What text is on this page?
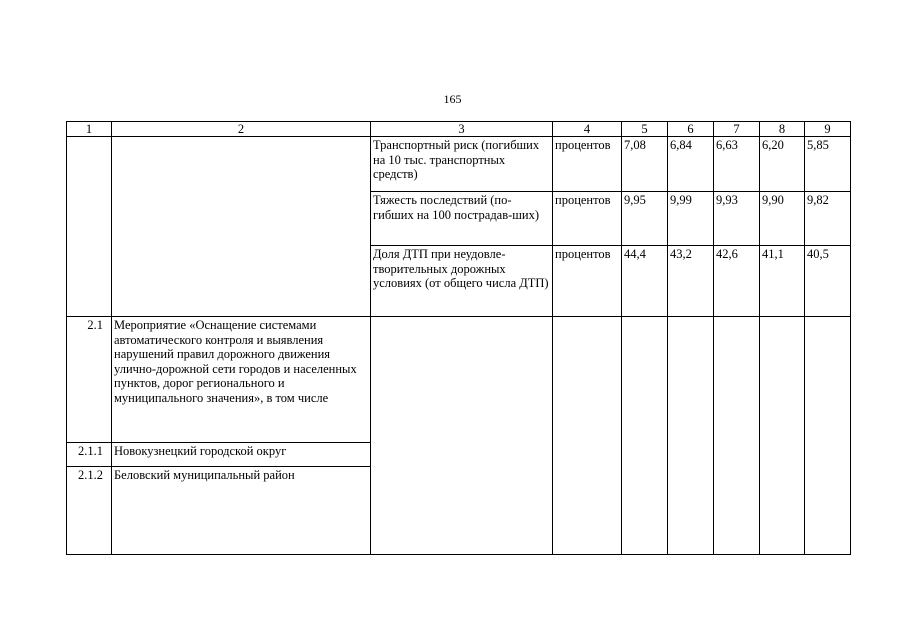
165
1	2	3	4	5	6	7	8	9
		Транспортный риск (погибших на 10 тыс. транспортных средств)	процентов	7,08	6,84	6,63	6,20	5,85
		Тяжесть последствий (по-гибших на 100 пострадав-ших)	процентов	9,95	9,99	9,93	9,90	9,82
		Доля ДТП при неудовле-творительных дорожных условиях (от общего числа ДТП)	процентов	44,4	43,2	42,6	41,1	40,5
2.1	Мероприятие «Оснащение системами автоматического контроля и выявления нарушений правил дорожного движения улично-дорожной сети городов и населенных пунктов, дорог регионального и муниципального значения», в том числе							
2.1.1	Новокузнецкий городской округ							
2.1.2	Беловский муниципальный район							
